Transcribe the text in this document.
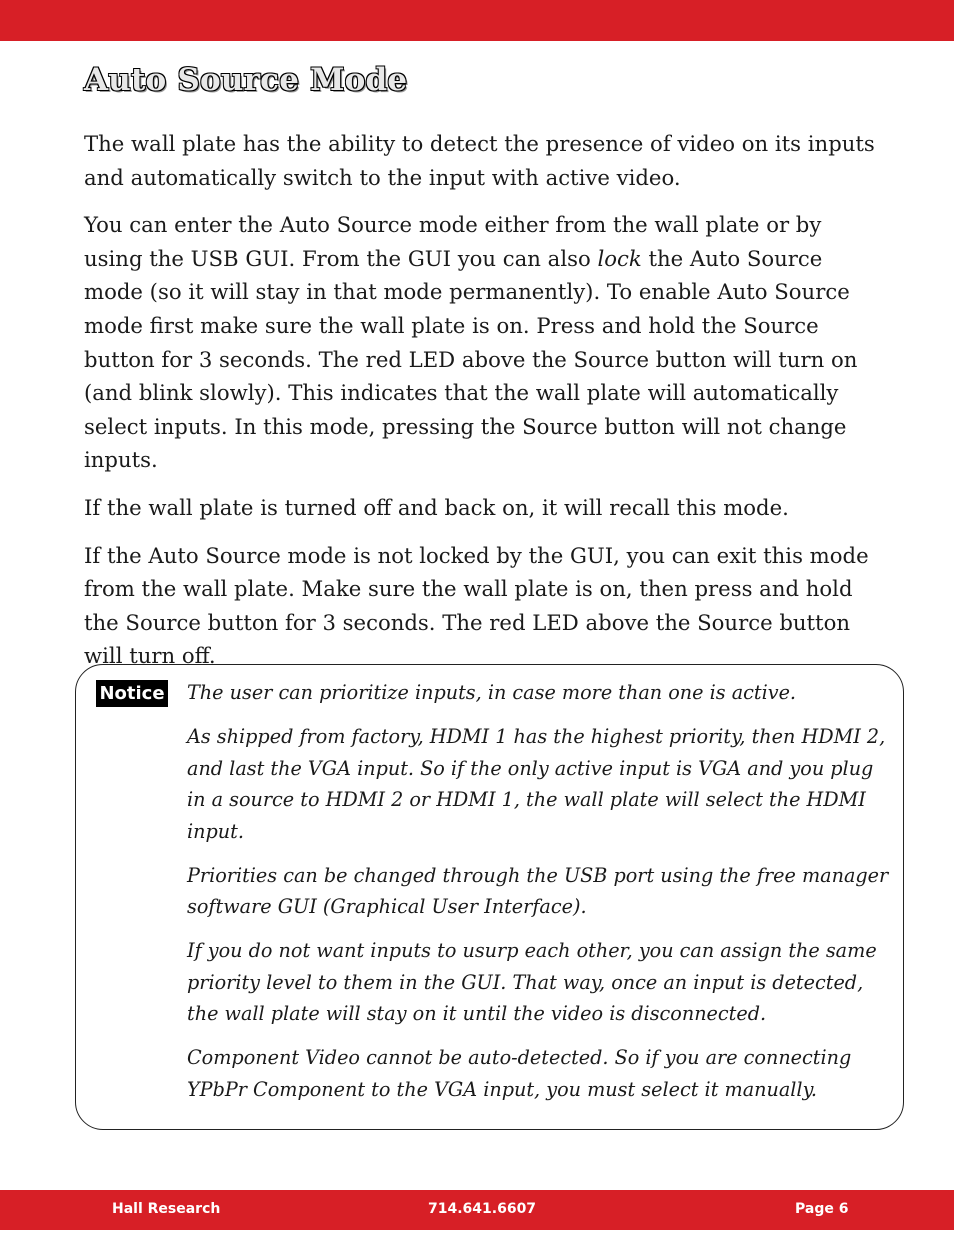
Auto Source Mode

The wall plate has the ability to detect the presence of video on its inputs and automatically switch to the input with active video.

You can enter the Auto Source mode either from the wall plate or by using the USB GUI. From the GUI you can also lock the Auto Source mode (so it will stay in that mode permanently). To enable Auto Source mode first make sure the wall plate is on. Press and hold the Source button for 3 seconds. The red LED above the Source button will turn on (and blink slowly). This indicates that the wall plate will automatically select inputs. In this mode, pressing the Source button will not change inputs.

If the wall plate is turned off and back on, it will recall this mode.

If the Auto Source mode is not locked by the GUI, you can exit this mode from the wall plate. Make sure the wall plate is on, then press and hold the Source button for 3 seconds. The red LED above the Source button will turn off.

Notice The user can prioritize inputs, in case more than one is active.

As shipped from factory, HDMI 1 has the highest priority, then HDMI 2, and last the VGA input. So if the only active input is VGA and you plug in a source to HDMI 2 or HDMI 1, the wall plate will select the HDMI input.

Priorities can be changed through the USB port using the free manager software GUI (Graphical User Interface).

If you do not want inputs to usurp each other, you can assign the same priority level to them in the GUI. That way, once an input is detected, the wall plate will stay on it until the video is disconnected.

Component Video cannot be auto-detected. So if you are connecting YPbPr Component to the VGA input, you must select it manually.

Hall Research	714.641.6607	Page 6
